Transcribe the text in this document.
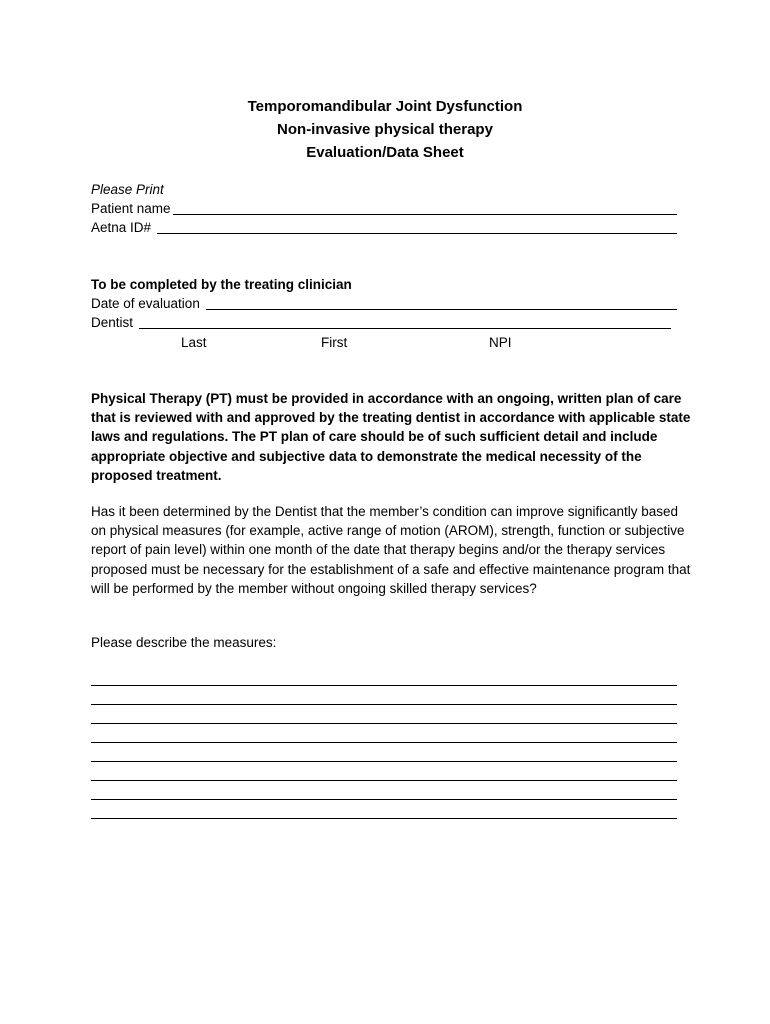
Temporomandibular Joint Dysfunction
Non-invasive physical therapy
Evaluation/Data Sheet
Please Print
Patient name
Aetna ID#
To be completed by the treating clinician
Date of evaluation
Dentist
Last	First	NPI
Physical Therapy (PT) must be provided in accordance with an ongoing, written plan of care that is reviewed with and approved by the treating dentist in accordance with applicable state laws and regulations. The PT plan of care should be of such sufficient detail and include appropriate objective and subjective data to demonstrate the medical necessity of the proposed treatment.
Has it been determined by the Dentist that the member’s condition can improve significantly based on physical measures (for example, active range of motion (AROM), strength, function or subjective report of pain level) within one month of the date that therapy begins and/or the therapy services proposed must be necessary for the establishment of a safe and effective maintenance program that will be performed by the member without ongoing skilled therapy services?
Please describe the measures:
